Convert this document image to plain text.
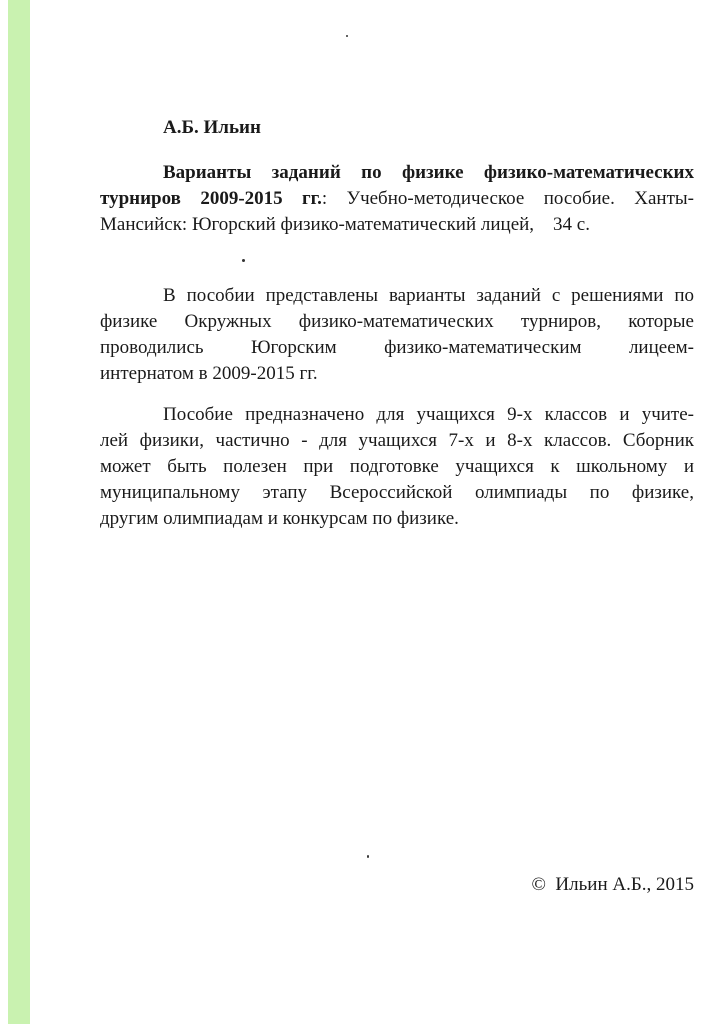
А.Б. Ильин
Варианты заданий по физике физико-математических
турниров 2009-2015 гг.: Учебно-методическое пособие. Ханты-
Мансийск: Югорский физико-математический лицей,    34 с.
В пособии представлены варианты заданий с решениями по
физике Окружных физико-математических турниров, которые
проводились Югорским физико-математическим лицеем-
интернатом в 2009-2015 гг.
Пособие предназначено для учащихся 9-х классов и учите-
лей физики, частично - для учащихся 7-х и 8-х классов. Сборник
может быть полезен при подготовке учащихся к школьному и
муниципальному этапу Всероссийской олимпиады по физике,
другим олимпиадам и конкурсам по физике.
©  Ильин А.Б., 2015
